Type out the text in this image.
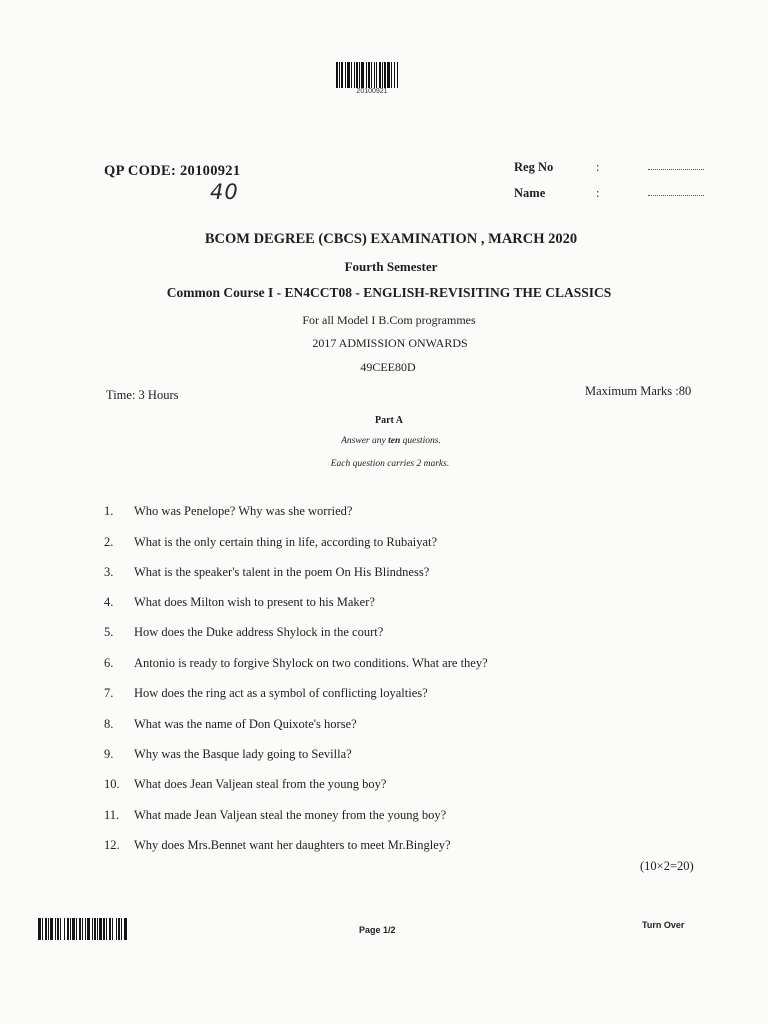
20100921
QP CODE: 20100921
40
Reg No	:
Name	:
BCOM DEGREE (CBCS) EXAMINATION , MARCH 2020
Fourth Semester
Common Course I - EN4CCT08 - ENGLISH-REVISITING THE CLASSICS
For all Model I B.Com programmes
2017 ADMISSION ONWARDS
49CEE80D
Time: 3 Hours	Maximum Marks :80
Part A
Answer any ten questions.
Each question carries 2 marks.
1. Who was Penelope? Why was she worried?
2. What is the only certain thing in life, according to Rubaiyat?
3. What is the speaker's talent in the poem On His Blindness?
4. What does Milton wish to present to his Maker?
5. How does the Duke address Shylock in the court?
6. Antonio is ready to forgive Shylock on two conditions. What are they?
7. How does the ring act as a symbol of conflicting loyalties?
8. What was the name of Don Quixote's horse?
9. Why was the Basque lady going to Sevilla?
10. What does Jean Valjean steal from the young boy?
11. What made Jean Valjean steal the money from the young boy?
12. Why does Mrs.Bennet want her daughters to meet Mr.Bingley?
(10×2=20)
Page 1/2	Turn Over
